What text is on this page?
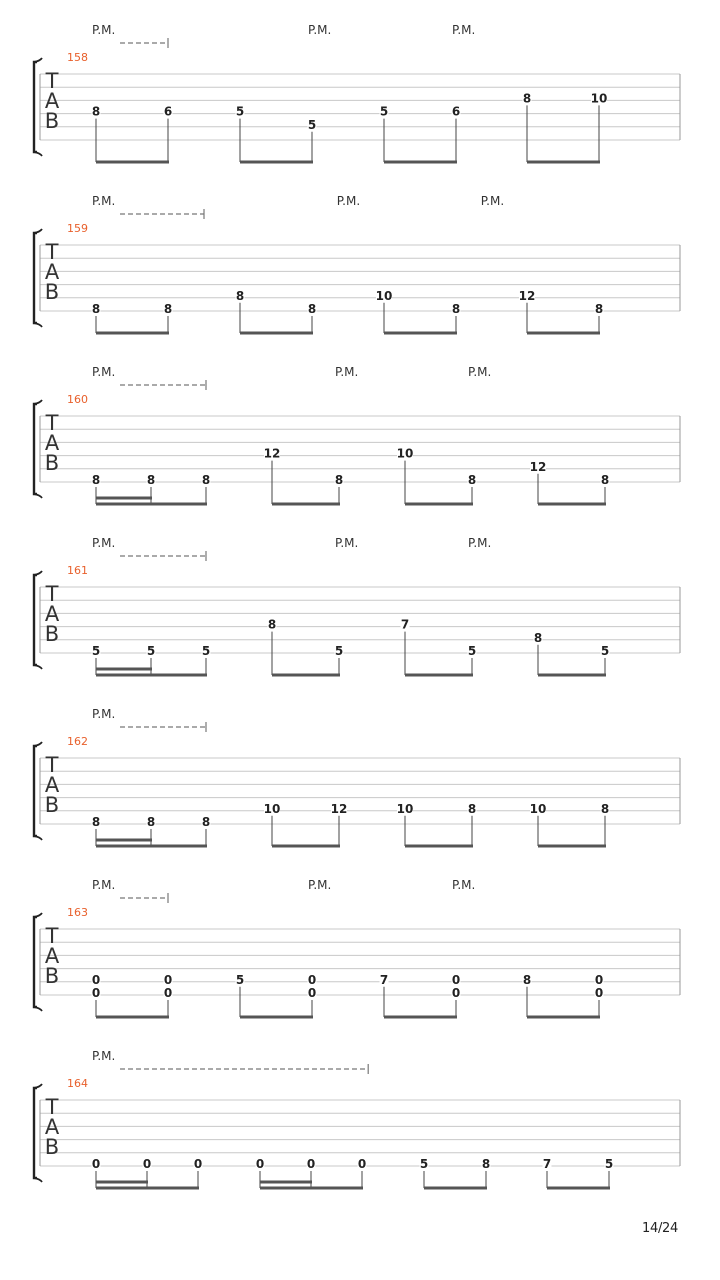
T
A
B
158
P.M.	P.M.	P.M.
8	6	5
5
5	6
8	10
T
A
B
159
P.M.	P.M.	P.M.
8	8
8
8
10
8
12
8
T
A
B
160
P.M.	P.M.	P.M.
8	8	8
12
8
10
8
12
8
T
A
B
161
P.M.	P.M.	P.M.
5	5	5
8
5
7
5
8
5
T
A
B
162
P.M.
8	8	8
10	12	10	8	10	8
T
A
B
163
P.M.	P.M.	P.M.
0
0
0
0
5	0
0
7	0
0
8	0
0
T
A
B
164
P.M.
0	0	0	0	0	0	5	8	7	5
14/24
